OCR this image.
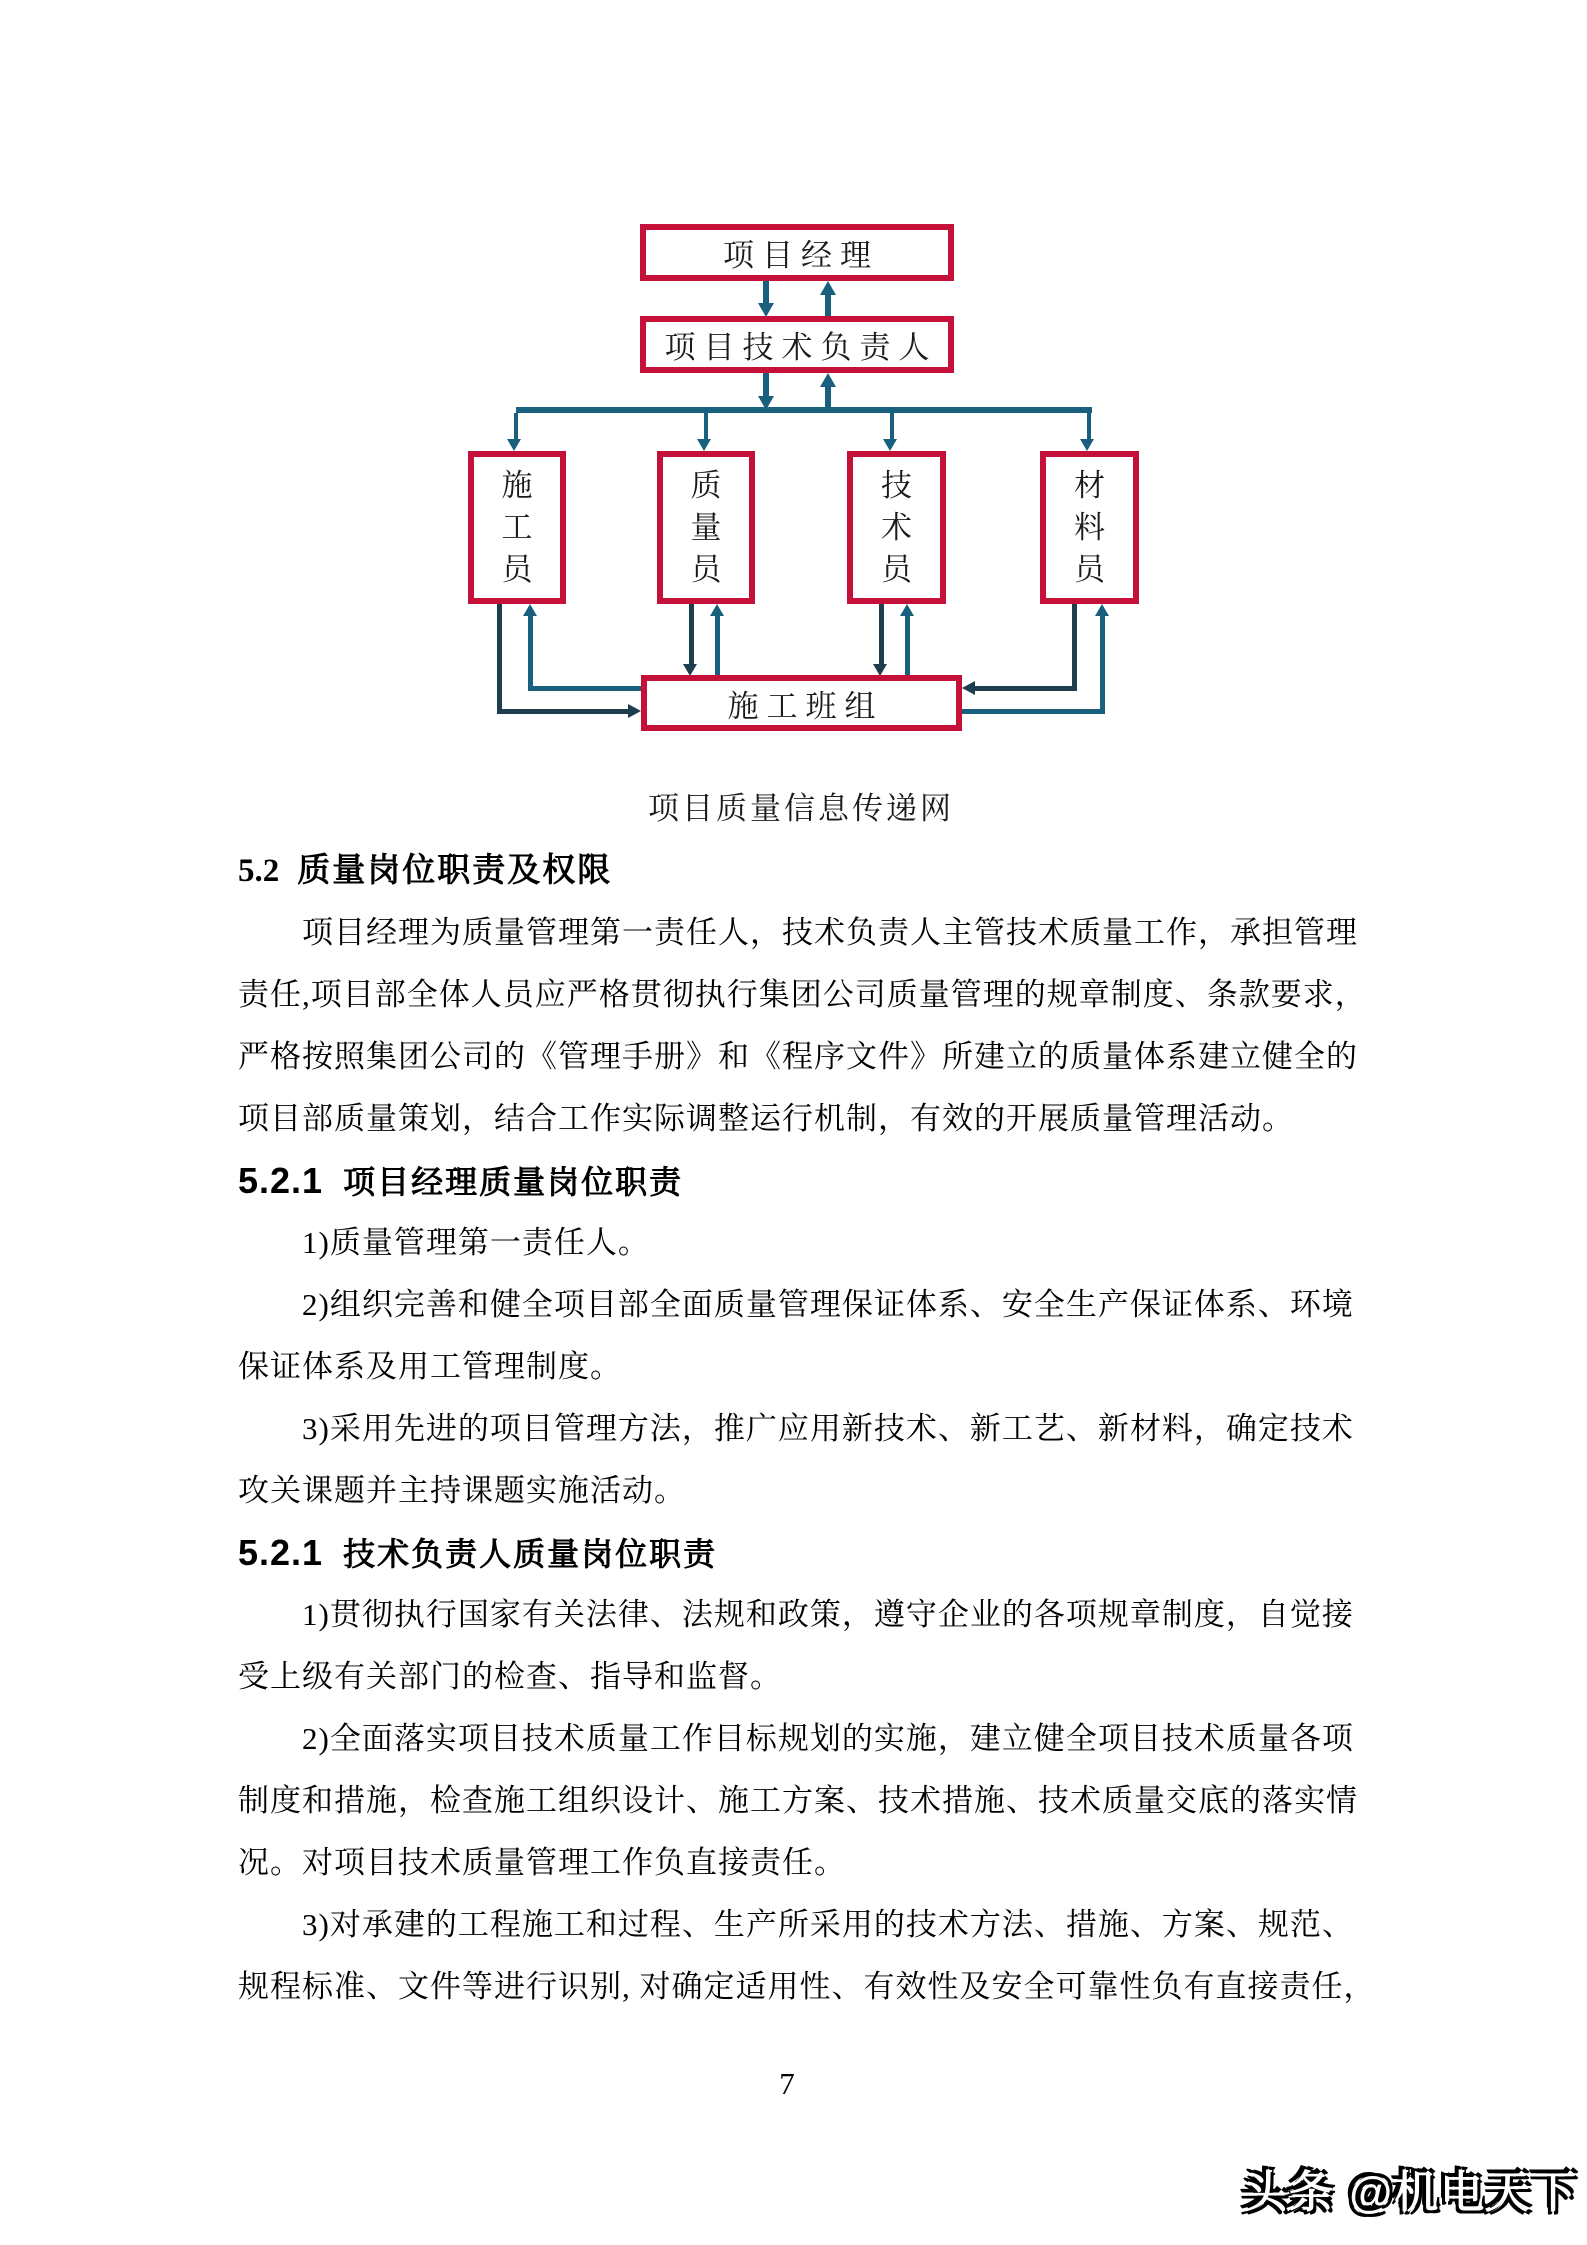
项目经理
项目技术负责人
施工员
质量员
技术员
材料员
施工班组
项目质量信息传递网
5.2 质量岗位职责及权限
项目经理为质量管理第一责任人，技术负责人主管技术质量工作，承担管理
责任,项目部全体人员应严格贯彻执行集团公司质量管理的规章制度、条款要求，
严格按照集团公司的《管理手册》和《程序文件》所建立的质量体系建立健全的
项目部质量策划，结合工作实际调整运行机制，有效的开展质量管理活动。
5.2.1 项目经理质量岗位职责
1)质量管理第一责任人。
2)组织完善和健全项目部全面质量管理保证体系、安全生产保证体系、环境
保证体系及用工管理制度。
3)采用先进的项目管理方法，推广应用新技术、新工艺、新材料，确定技术
攻关课题并主持课题实施活动。
5.2.1 技术负责人质量岗位职责
1)贯彻执行国家有关法律、法规和政策，遵守企业的各项规章制度，自觉接
受上级有关部门的检查、指导和监督。
2)全面落实项目技术质量工作目标规划的实施，建立健全项目技术质量各项
制度和措施，检查施工组织设计、施工方案、技术措施、技术质量交底的落实情
况。对项目技术质量管理工作负直接责任。
3)对承建的工程施工和过程、生产所采用的技术方法、措施、方案、规范、
规程标准、文件等进行识别, 对确定适用性、有效性及安全可靠性负有直接责任，
7
头条 @机电天下
